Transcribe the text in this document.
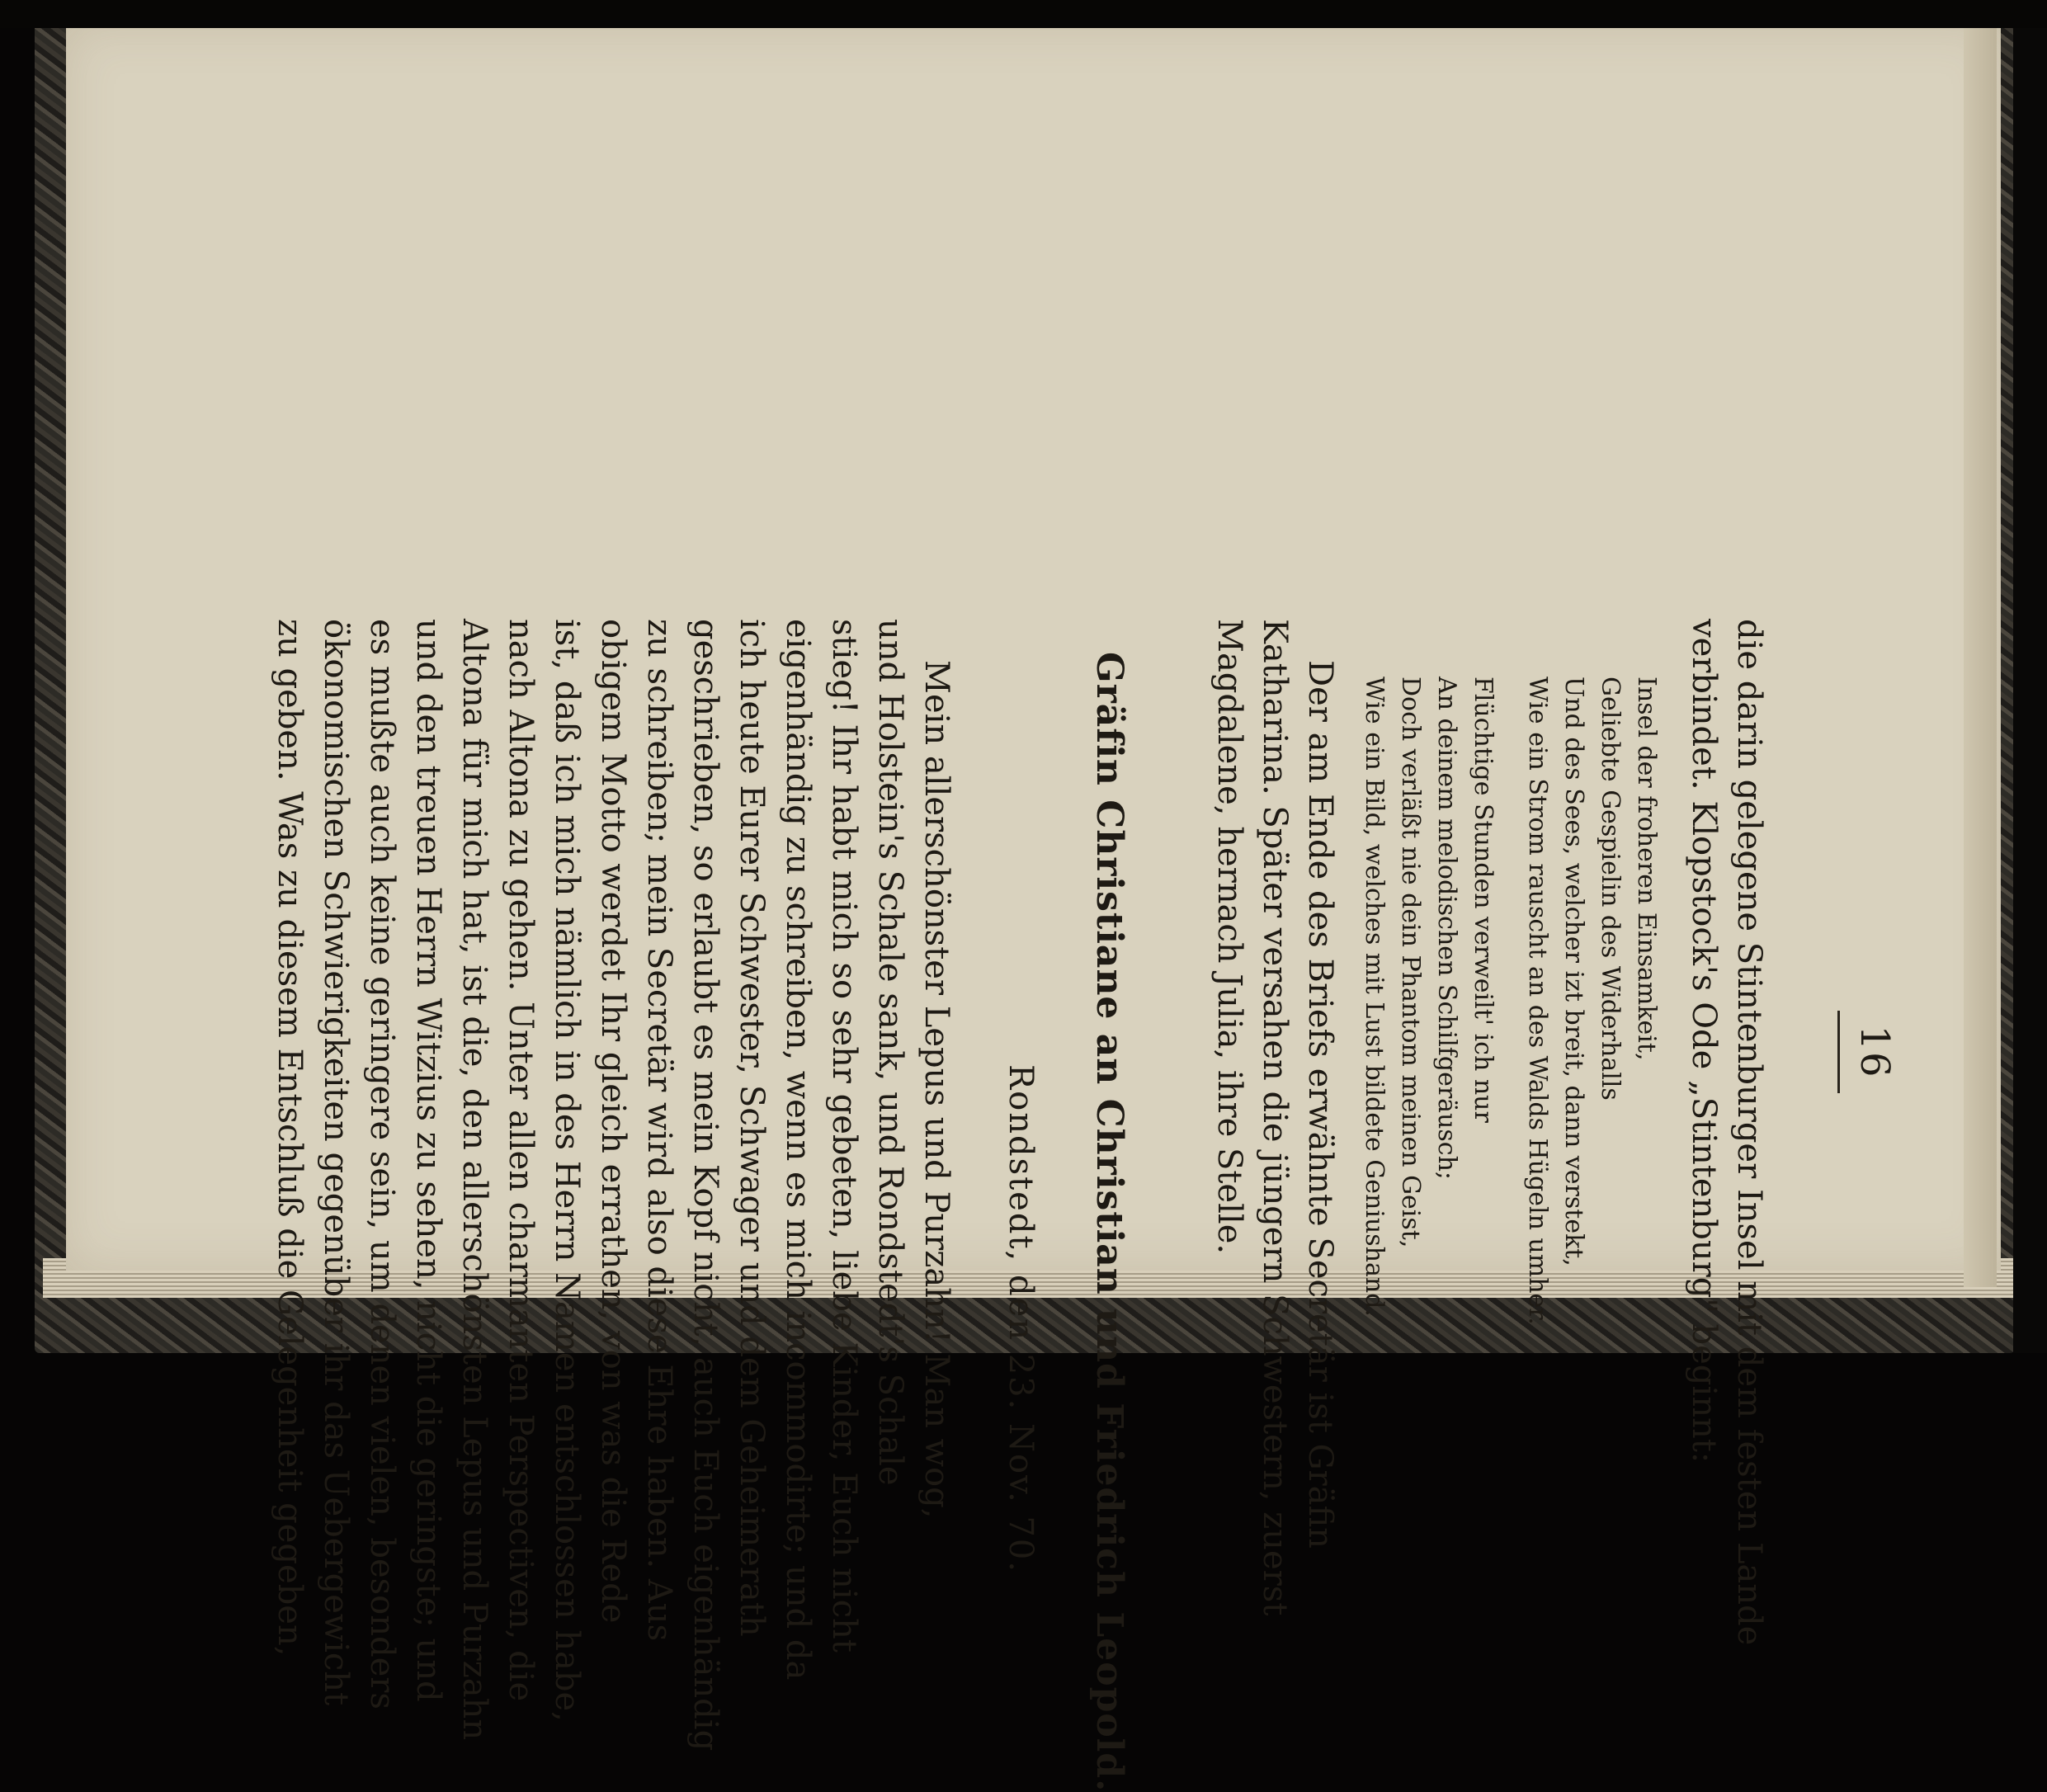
16
die darin gelegene Stintenburger Insel mit dem festen Lande
verbindet. Klopstock's Ode „Stintenburg" beginnt:
Insel der froheren Einsamkeit,
Geliebte Gespielin des Widerhalls
Und des Sees, welcher izt breit, dann verstekt,
Wie ein Strom rauscht an des Walds Hügeln umher.
Flüchtige Stunden verweilt' ich nur
An deinem melodischen Schilfgeräusch;
Doch verläßt nie dein Phantom meinen Geist,
Wie ein Bild, welches mit Lust bildete Geniushand.
Der am Ende des Briefs erwähnte Secretär ist Gräfin
Katharina. Später versahen die jüngern Schwestern, zuerst
Magdalene, hernach Julia, ihre Stelle.
Gräfin Christiane an Christian und Friedrich Leopold.
Rondstedt, den 23. Nov. 70.
Mein allerschönster Lepus und Purzahn! Man wog,
und Holstein's Schale sank, und Rondstedt's Schale
stieg! Ihr habt mich so sehr gebeten, liebe Kinder, Euch nicht
eigenhändig zu schreiben, wenn es mich incommodirte; und da
ich heute Eurer Schwester, Schwager und dem Geheimerath
geschrieben, so erlaubt es mein Kopf nicht, auch Euch eigenhändig
zu schreiben; mein Secretär wird also diese Ehre haben. Aus
obigem Motto werdet Ihr gleich errathen, von was die Rede
ist, daß ich mich nämlich in des Herrn Namen entschlossen habe,
nach Altona zu gehen. Unter allen charmanten Perspectiven, die
Altona für mich hat, ist die, den allerschönsten Lepus und Purzahn
und den treuen Herrn Witzius zu sehen, nicht die geringste; und
es mußte auch keine geringere sein, um denen vielen, besonders
ökonomischen Schwierigkeiten gegenüber ihr das Uebergewicht
zu geben. Was zu diesem Entschluß die Gelegenheit gegeben,
